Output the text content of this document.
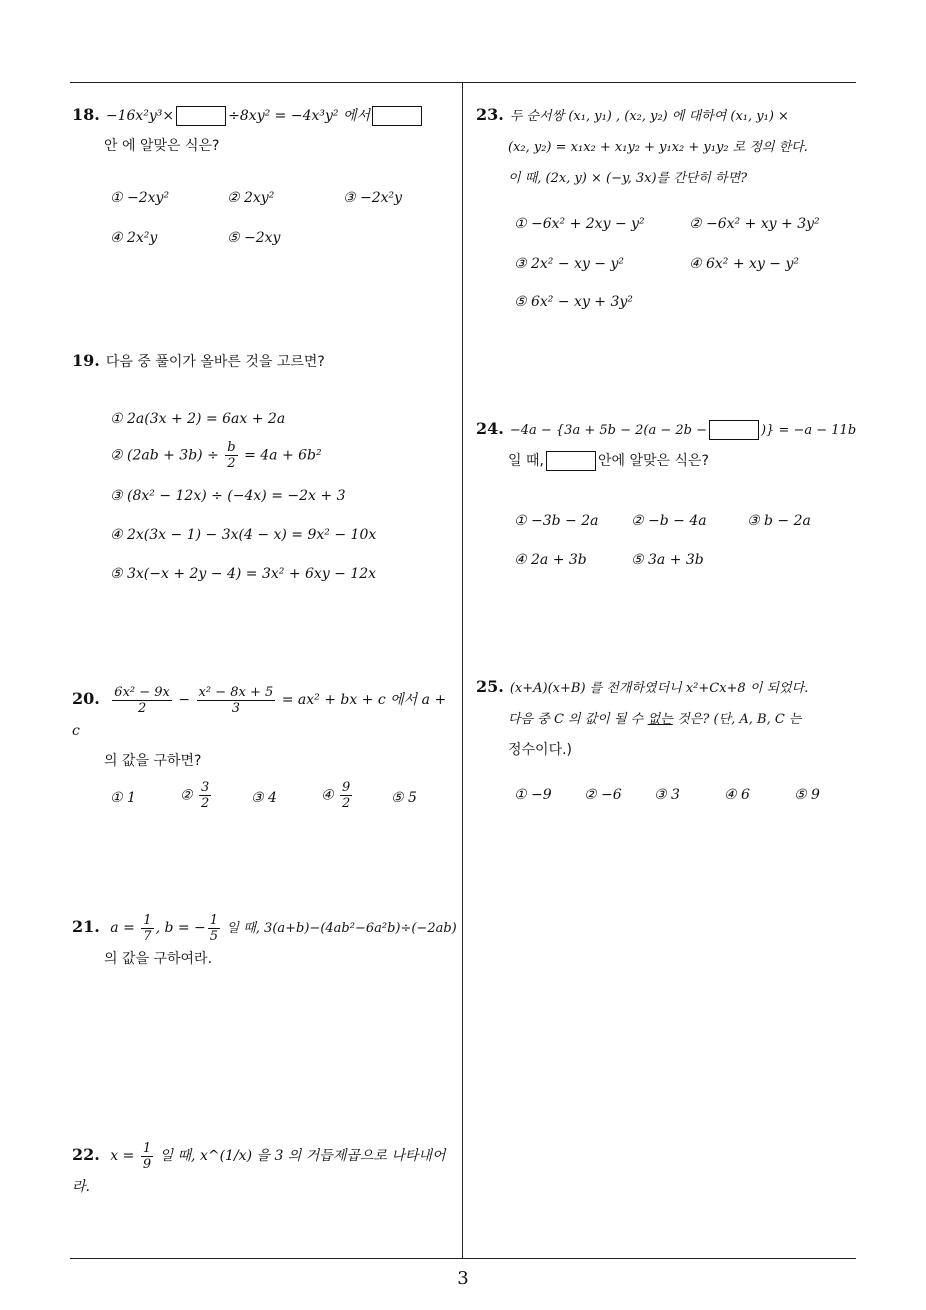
18. −16x²y³×	÷8xy² = −4x³y² 에서
안 에 알맞은 식은?
① −2xy²	② 2xy²	③ −2x²y
④ 2x²y	⑤ −2xy
19. 다음 중 풀이가 올바른 것을 고르면?
① 2a(3x + 2) = 6ax + 2a
② $(2ab + 3b) \div \frac{b}{2} = 4a + 6b^2$
③ (8x² − 12x) ÷ (−4x) = −2x + 3
④ 2x(3x − 1) − 3x(4 − x) = 9x² − 10x
⑤ 3x(−x + 2y − 4) = 3x² + 6xy − 12x
20. $\frac{\text{6x² − 9x}}{2} - \frac{\text{x² − 8x + 5}}{3} = ax^2$ + bx + c 에서 a + c
의 값을 구하면?
① 1	② $\frac{3}{2}$	③ 4	④ $\frac{9}{2}$	⑤ 5
21. $a = \frac{1}{7}$ , b = − $\frac{1}{5}$ 일 때, 3(a+b)−(4ab²−6a²b)÷(−2ab)
의 값을 구하여라.
22. $x = \frac{1}{9}$ 일 때, x^(1/x) 을 3 의 거듭제곱으로 나타내어라.
23. 두 순서쌍 (x₁, y₁) , (x₂, y₂) 에 대하여 (x₁, y₁) ×
(x₂, y₂) = x₁x₂ + x₁y₂ + y₁x₂ + y₁y₂ 로 정의 한다.
이 때, (2x, y) × (−y, 3x)를 간단히 하면?
① −6x² + 2xy − y²	② −6x² + xy + 3y²
③ 2x² − xy − y²	④ 6x² + xy − y²
⑤ 6x² − xy + 3y²
24. −4a − {3a + 5b − 2(a − 2b −	)} = −a − 11b
일 때,	안에 알맞은 식은?
① −3b − 2a ② −b − 4a	③ b − 2a
④ 2a + 3b	⑤ 3a + 3b
25. (x+A)(x+B) 를 전개하였더니 x²+Cx+8 이 되었다.
다음 중 C 의 값이 될 수 없는 것은? (단, A, B, C 는
정수이다.)
① −9 ② −6 ③ 3	④ 6	⑤ 9
3
